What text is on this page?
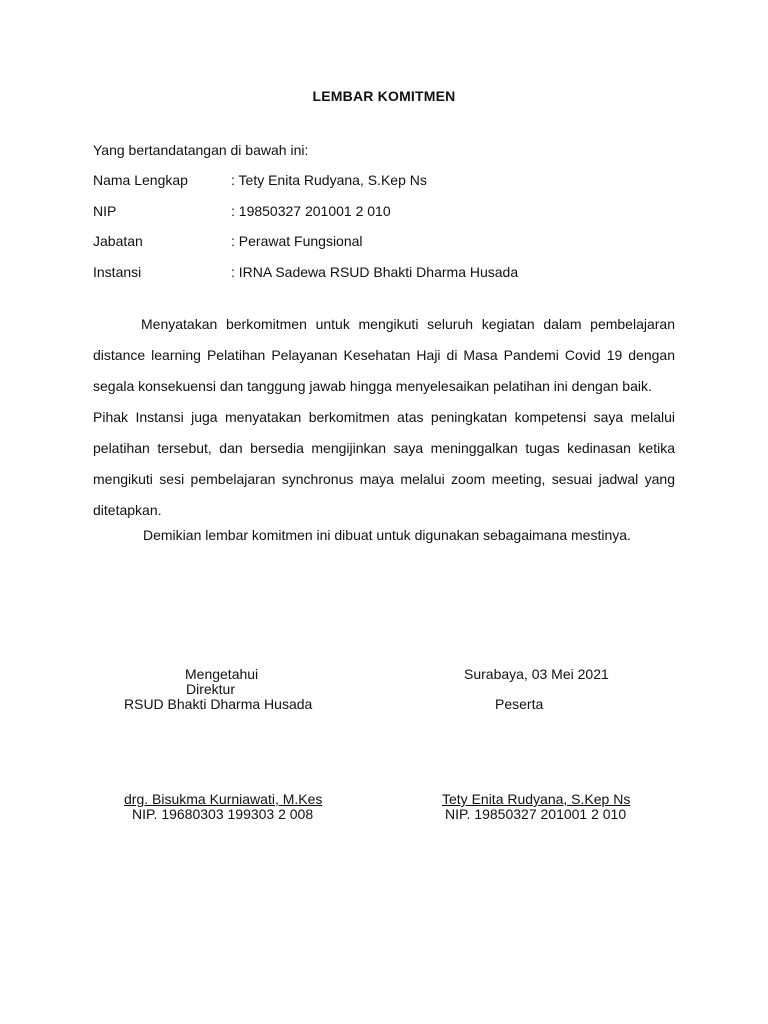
LEMBAR KOMITMEN
Yang bertandatangan di bawah ini:
Nama Lengkap	: Tety Enita Rudyana, S.Kep Ns
NIP	: 19850327 201001 2 010
Jabatan	: Perawat Fungsional
Instansi	: IRNA Sadewa RSUD Bhakti Dharma Husada

Menyatakan berkomitmen untuk mengikuti seluruh kegiatan dalam pembelajaran distance learning Pelatihan Pelayanan Kesehatan Haji di Masa Pandemi Covid 19 dengan segala konsekuensi dan tanggung jawab hingga menyelesaikan pelatihan ini dengan baik.

Pihak Instansi juga menyatakan berkomitmen atas peningkatan kompetensi saya melalui pelatihan tersebut, dan bersedia mengijinkan saya meninggalkan tugas kedinasan ketika mengikuti sesi pembelajaran synchronus maya melalui zoom meeting, sesuai jadwal yang ditetapkan.

Demikian lembar komitmen ini dibuat untuk digunakan sebagaimana mestinya.
Mengetahui
Direktur
RSUD Bhakti Dharma Husada
drg. Bisukma Kurniawati, M.Kes
NIP. 19680303 199303 2 008
Surabaya, 03 Mei 2021
Peserta
Tety Enita Rudyana, S.Kep Ns
NIP. 19850327 201001 2 010
